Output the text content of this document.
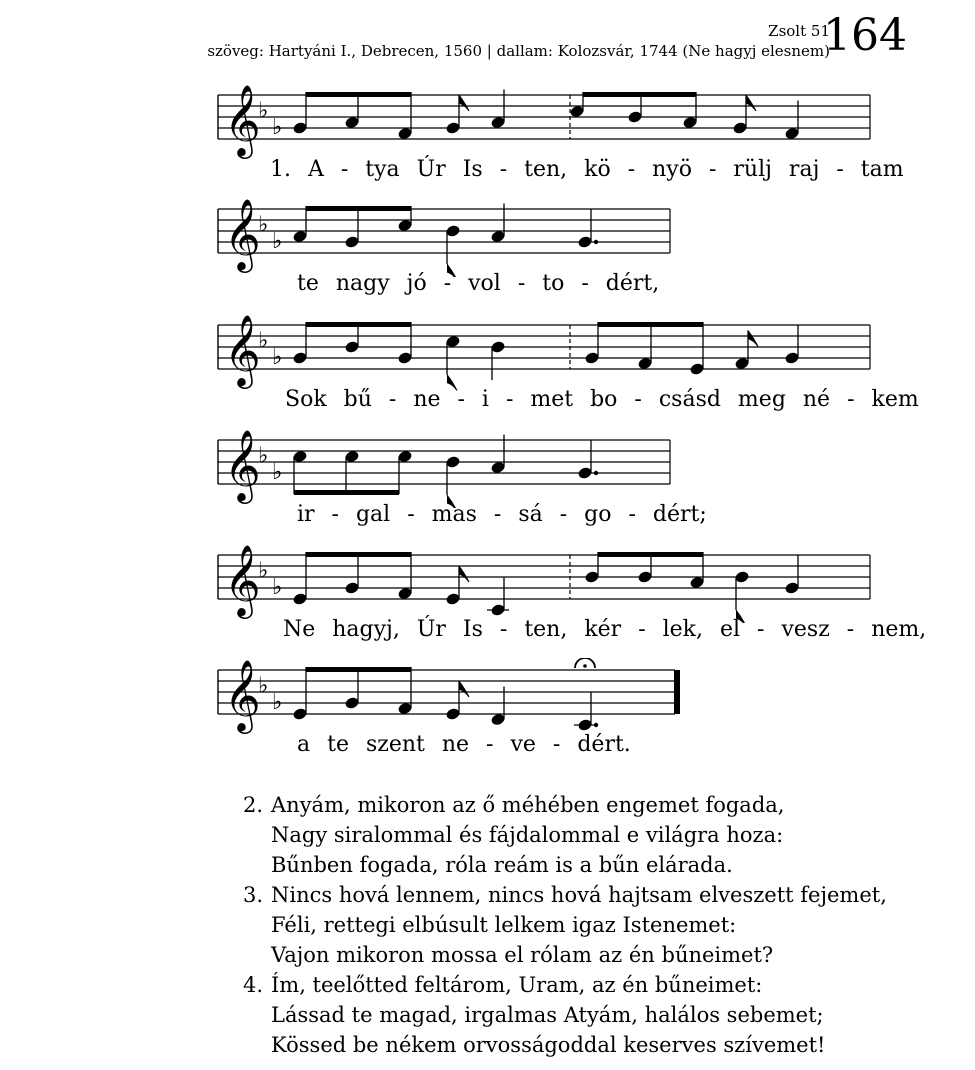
Zsolt 51
szöveg: Hartyáni I., Debrecen, 1560 | dallam: Kolozsvár, 1744 (Ne hagyj elesnem)
164
𝄞
♭
♭
𝄞
♭
♭
𝄞
♭
♭
𝄞
♭
♭
𝄞
♭
♭
𝄞
♭
♭
1. A - tya Úr Is - ten, kö - nyö - rülj raj - tam
te nagy jó - vol - to - dért,
Sok bű - ne - i - met bo - csásd meg né - kem
ir - gal - mas - sá - go - dért;
Ne hagyj, Úr Is - ten, kér - lek, el - vesz - nem,
a te szent ne - ve - dért.
2. Anyám, mikoron az ő méhében engemet fogada,
Nagy siralommal és fájdalommal e világra hoza:
Bűnben fogada, róla reám is a bűn elárada.
3. Nincs hová lennem, nincs hová hajtsam elveszett fejemet,
Féli, rettegi elbúsult lelkem igaz Istenemet:
Vajon mikoron mossa el rólam az én bűneimet?
4. Ím, teelőtted feltárom, Uram, az én bűneimet:
Lássad te magad, irgalmas Atyám, halálos sebemet;
Kössed be nékem orvosságoddal keserves szívemet!
